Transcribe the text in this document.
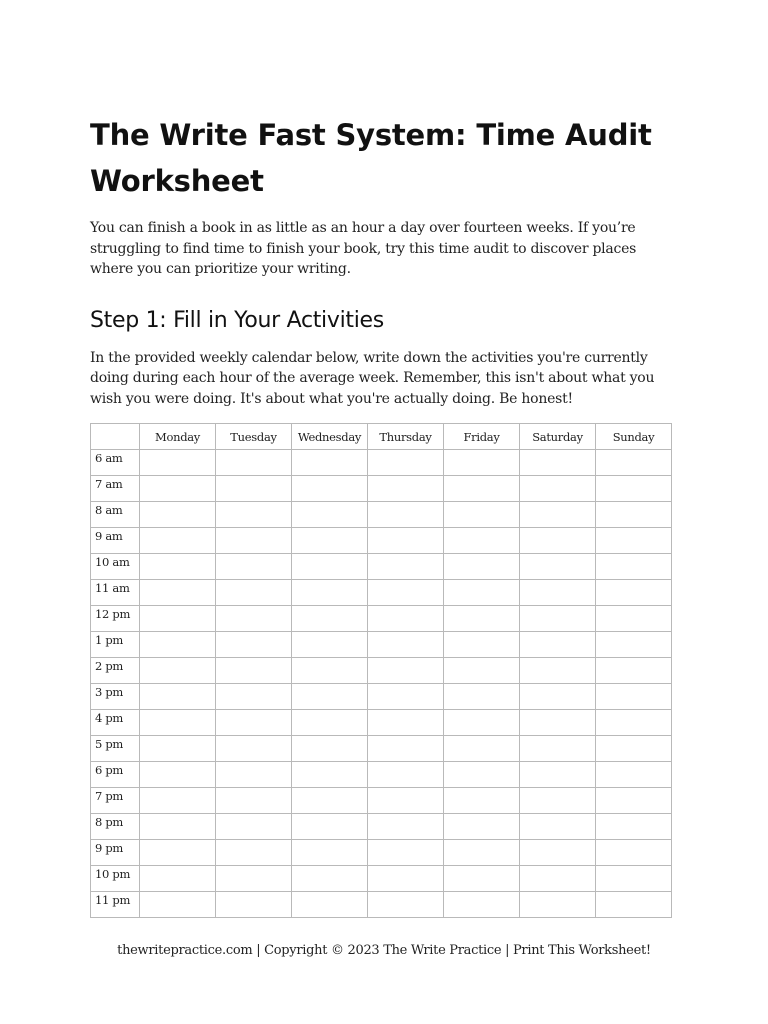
The Write Fast System: Time Audit Worksheet

You can finish a book in as little as an hour a day over fourteen weeks. If you’re struggling to find time to finish your book, try this time audit to discover places where you can prioritize your writing.

Step 1: Fill in Your Activities

In the provided weekly calendar below, write down the activities you're currently doing during each hour of the average week. Remember, this isn't about what you wish you were doing. It's about what you're actually doing. Be honest!

	Monday	Tuesday	Wednesday	Thursday	Friday	Saturday	Sunday
6 am							
7 am							
8 am							
9 am							
10 am							
11 am							
12 pm							
1 pm							
2 pm							
3 pm							
4 pm							
5 pm							
6 pm							
7 pm							
8 pm							
9 pm							
10 pm							
11 pm							
thewritepractice.com | Copyright © 2023 The Write Practice | Print This Worksheet!
